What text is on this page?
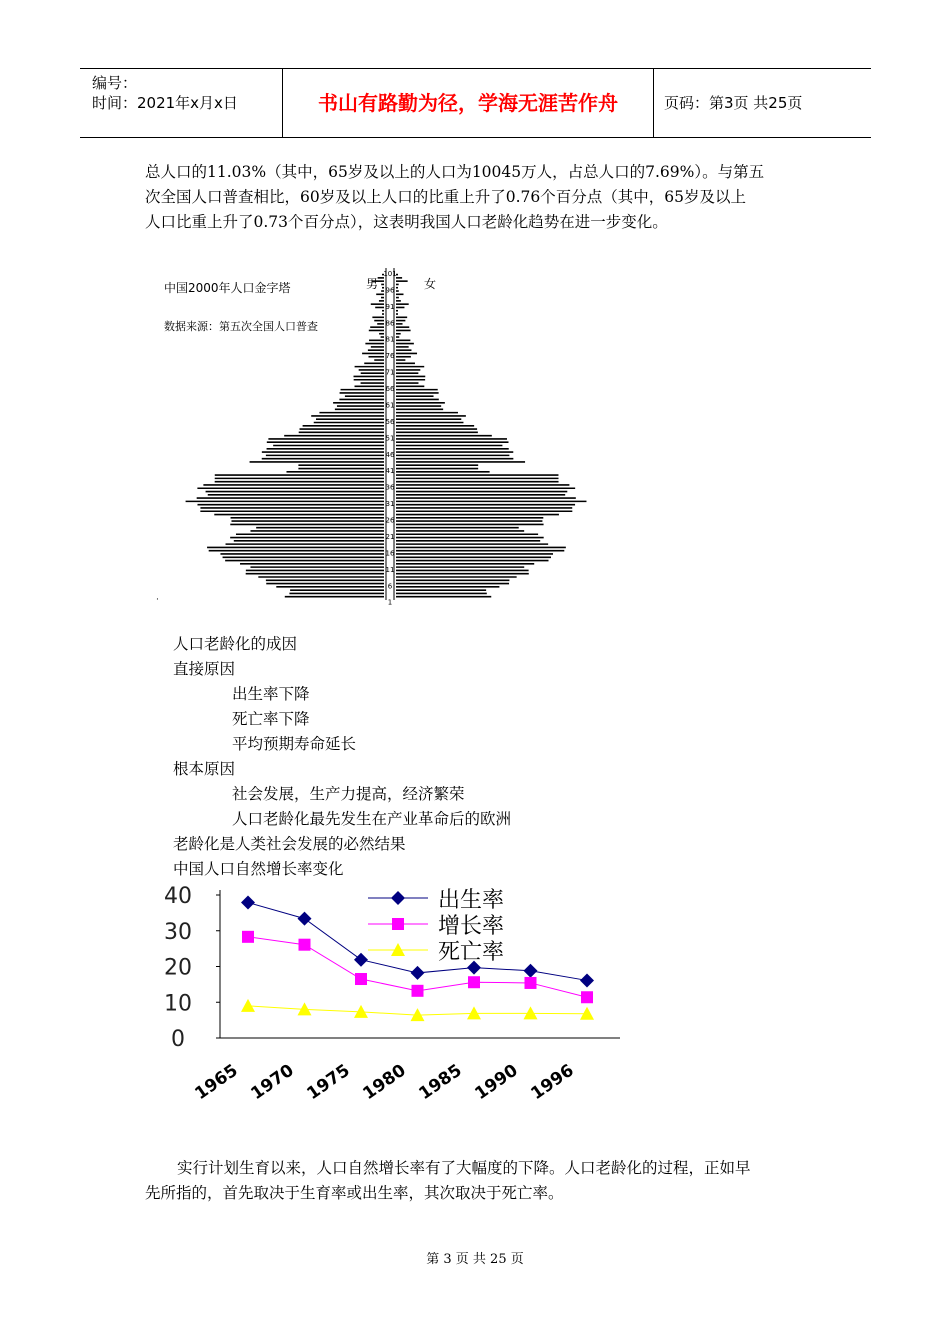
编号：
时间：2021年x月x日	书山有路勤为径，学海无涯苦作舟	页码：第3页 共25页
总人口的11.03%（其中，65岁及以上的人口为10045万人，占总人口的7.69%）。与第五
次全国人口普查相比，60岁及以上人口的比重上升了0.76个百分点（其中，65岁及以上
人口比重上升了0.73个百分点），这表明我国人口老龄化趋势在进一步变化。
中国2000年人口金字塔
数据来源：第五次全国人口普查
男	女
101
96
91
86
81
76
71
66
61
56
51
46
41
36
31
26
21
16
11
6
1
·
人口老龄化的成因
直接原因
出生率下降
死亡率下降
平均预期寿命延长
根本原因
社会发展，生产力提高，经济繁荣
人口老龄化最先发生在产业革命后的欧洲
老龄化是人类社会发展的必然结果
中国人口自然增长率变化
0
10
20
30
40
1965 1970 1975 1980 1985 1990 1996
出生率
增长率
死亡率
实行计划生育以来，人口自然增长率有了大幅度的下降。人口老龄化的过程，正如早
先所指的，首先取决于生育率或出生率，其次取决于死亡率。
第 3 页 共 25 页
